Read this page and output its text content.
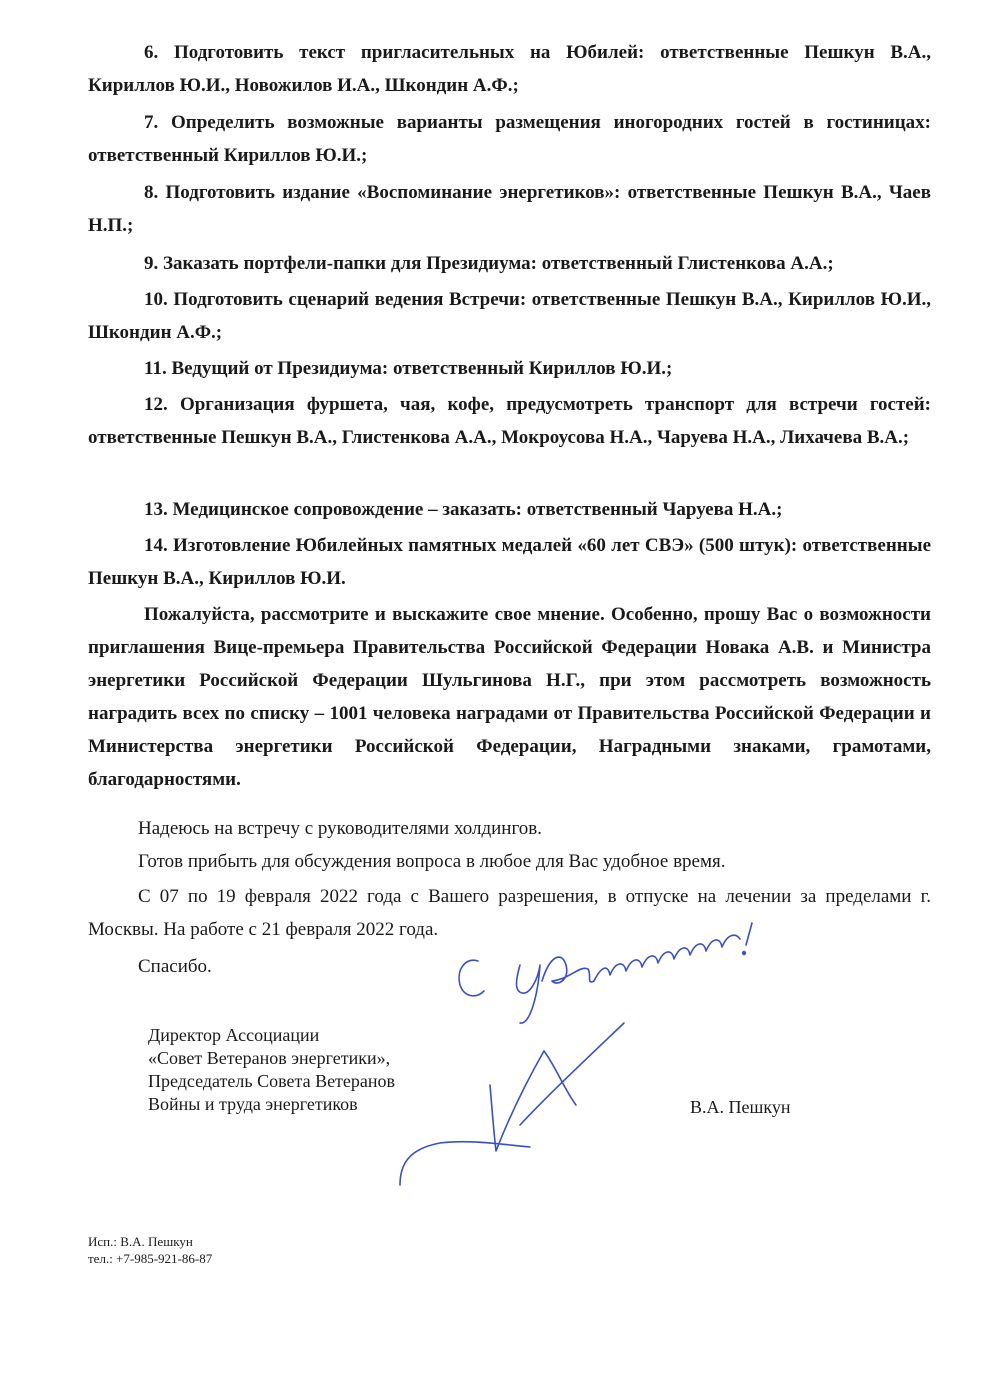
6. Подготовить текст пригласительных на Юбилей: ответственные Пешкун В.А., Кириллов Ю.И., Новожилов И.А., Шкондин А.Ф.;

7. Определить возможные варианты размещения иногородних гостей в гостиницах: ответственный Кириллов Ю.И.;

8. Подготовить издание «Воспоминание энергетиков»: ответственные Пешкун В.А., Чаев Н.П.;

9. Заказать портфели-папки для Президиума: ответственный Глистенкова А.А.;

10. Подготовить сценарий ведения Встречи: ответственные Пешкун В.А., Кириллов Ю.И., Шкондин А.Ф.;

11. Ведущий от Президиума: ответственный Кириллов Ю.И.;

12. Организация фуршета, чая, кофе, предусмотреть транспорт для встречи гостей: ответственные Пешкун В.А., Глистенкова А.А., Мокроусова Н.А., Чаруева Н.А., Лихачева В.А.;

13. Медицинское сопровождение – заказать: ответственный Чаруева Н.А.;

14. Изготовление Юбилейных памятных медалей «60 лет СВЭ» (500 штук): ответственные Пешкун В.А., Кириллов Ю.И.

Пожалуйста, рассмотрите и выскажите свое мнение. Особенно, прошу Вас о возможности приглашения Вице-премьера Правительства Российской Федерации Новака А.В. и Министра энергетики Российской Федерации Шульгинова Н.Г., при этом рассмотреть возможность наградить всех по списку – 1001 человека наградами от Правительства Российской Федерации и Министерства энергетики Российской Федерации, Наградными знаками, грамотами, благодарностями.

Надеюсь на встречу с руководителями холдингов.

Готов прибыть для обсуждения вопроса в любое для Вас удобное время.

С 07 по 19 февраля 2022 года с Вашего разрешения, в отпуске на лечении за пределами г. Москвы. На работе с 21 февраля 2022 года.

Спасибо.

Директор Ассоциации
«Совет Ветеранов энергетики»,
Председатель Совета Ветеранов
Войны и труда энергетиков	В.А. Пешкун
Исп.: В.А. Пешкун
тел.: +7-985-921-86-87
